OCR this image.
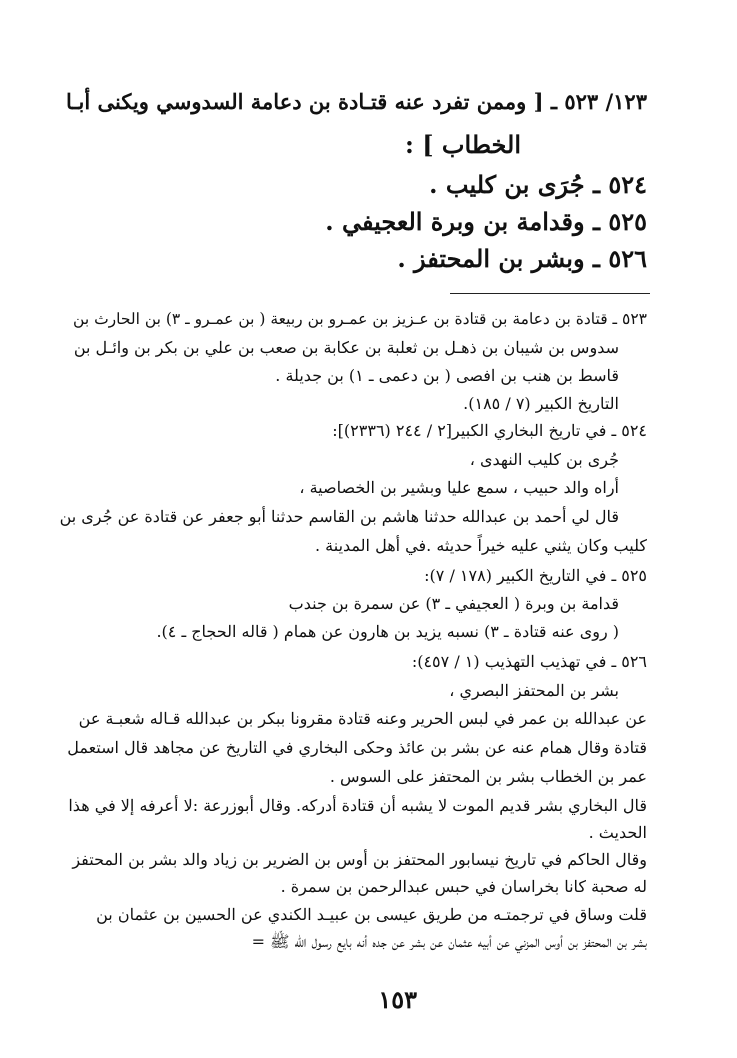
١٢٣/ ٥٢٣ ـ [ وممن تفرد عنه قتـادة بن دعامة السدوسي ويكنى أبـا
الخطاب ] :
٥٢٤ ـ جُرَى بن كليب .
٥٢٥ ـ وقدامة بن وبرة العجيفي .
٥٢٦ ـ وبشر بن المحتفز .
٥٢٣ ـ قتادة بن دعامة بن قتادة بن عـزيز بن عمـرو بن ربيعة ( بن عمـرو ـ ٣) بن الحارث بن
سدوس بن شيبان بن ذهـل بن ثعلبة بن عكابة بن صعب بن علي بن بكر بن وائـل بن
قاسط بن هنب بن افصى ( بن دعمى ـ ١) بن جديلة .
التاريخ الكبير (٧ / ١٨٥).
٥٢٤ ـ في تاريخ البخاري الكبير[٢ / ٢٤٤ (٢٣٣٦)]:
جُرى بن كليب النهدى ،
أراه والد حبيب ، سمع عليا وبشير بن الخصاصية ،
قال لي أحمد بن عبدالله حدثنا هاشم بن القاسم حدثنا أبو جعفر عن قتادة عن جُرى بن
كليب وكان يثني عليه خيراً حديثه .في أهل المدينة .
٥٢٥ ـ في التاريخ الكبير (١٧٨ / ٧):
قدامة بن وبرة ( العجيفي ـ ٣) عن سمرة بن جندب
( روى عنه قتادة ـ ٣) نسبه يزيد بن هارون عن همام ( قاله الحجاج ـ ٤).
٥٢٦ ـ في تهذيب التهذيب (١ / ٤٥٧):
بشر بن المحتفز البصري ،
عن عبدالله بن عمر في لبس الحرير وعنه قتادة مقرونا ببكر بن عبدالله قـاله شعبـة عن
قتادة وقال همام عنه عن بشر بن عائذ وحكى البخاري في التاريخ عن مجاهد قال استعمل
عمر بن الخطاب بشر بن المحتفز على السوس .
قال البخاري بشر قديم الموت لا يشبه أن قتادة أدركه. وقال أبوزرعة :لا أعرفه إلا في هذا
الحديث .
وقال الحاكم في تاريخ نيسابور المحتفز بن أوس بن الضرير بن زياد والد بشر بن المحتفز
له صحبة كانا بخراسان في حبس عبدالرحمن بن سمرة .
قلت وساق في ترجمتـه من طريق عيسى بن عبيـد الكندي عن الحسين بن عثمان بن
بشر بن المحتفز بن أوس المزني عن أبيه عثمان عن بشر عن جده أنه بايع رسول الله ﷺ =
١٥٣
